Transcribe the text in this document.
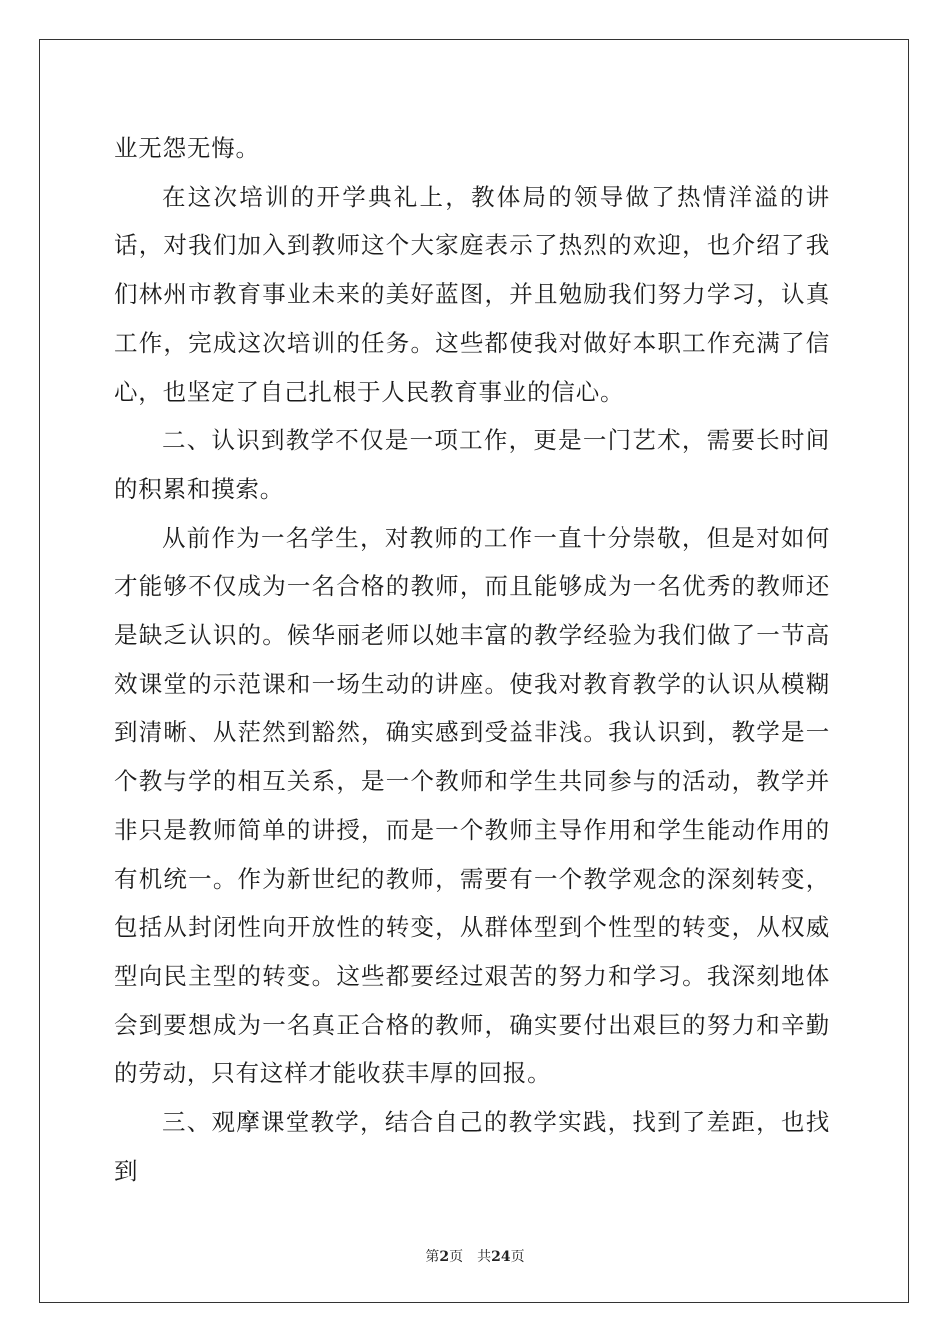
业无怨无悔。

在这次培训的开学典礼上，教体局的领导做了热情洋溢的讲话，对我们加入到教师这个大家庭表示了热烈的欢迎，也介绍了我们林州市教育事业未来的美好蓝图，并且勉励我们努力学习，认真工作，完成这次培训的任务。这些都使我对做好本职工作充满了信心，也坚定了自己扎根于人民教育事业的信心。

二、认识到教学不仅是一项工作，更是一门艺术，需要长时间的积累和摸索。

从前作为一名学生，对教师的工作一直十分崇敬，但是对如何才能够不仅成为一名合格的教师，而且能够成为一名优秀的教师还是缺乏认识的。候华丽老师以她丰富的教学经验为我们做了一节高效课堂的示范课和一场生动的讲座。使我对教育教学的认识从模糊到清晰、从茫然到豁然，确实感到受益非浅。我认识到，教学是一个教与学的相互关系，是一个教师和学生共同参与的活动，教学并非只是教师简单的讲授，而是一个教师主导作用和学生能动作用的有机统一。作为新世纪的教师，需要有一个教学观念的深刻转变，包括从封闭性向开放性的转变，从群体型到个性型的转变，从权威型向民主型的转变。这些都要经过艰苦的努力和学习。我深刻地体会到要想成为一名真正合格的教师，确实要付出艰巨的努力和辛勤的劳动，只有这样才能收获丰厚的回报。

三、观摩课堂教学，结合自己的教学实践，找到了差距，也找到

第2页 共24页
